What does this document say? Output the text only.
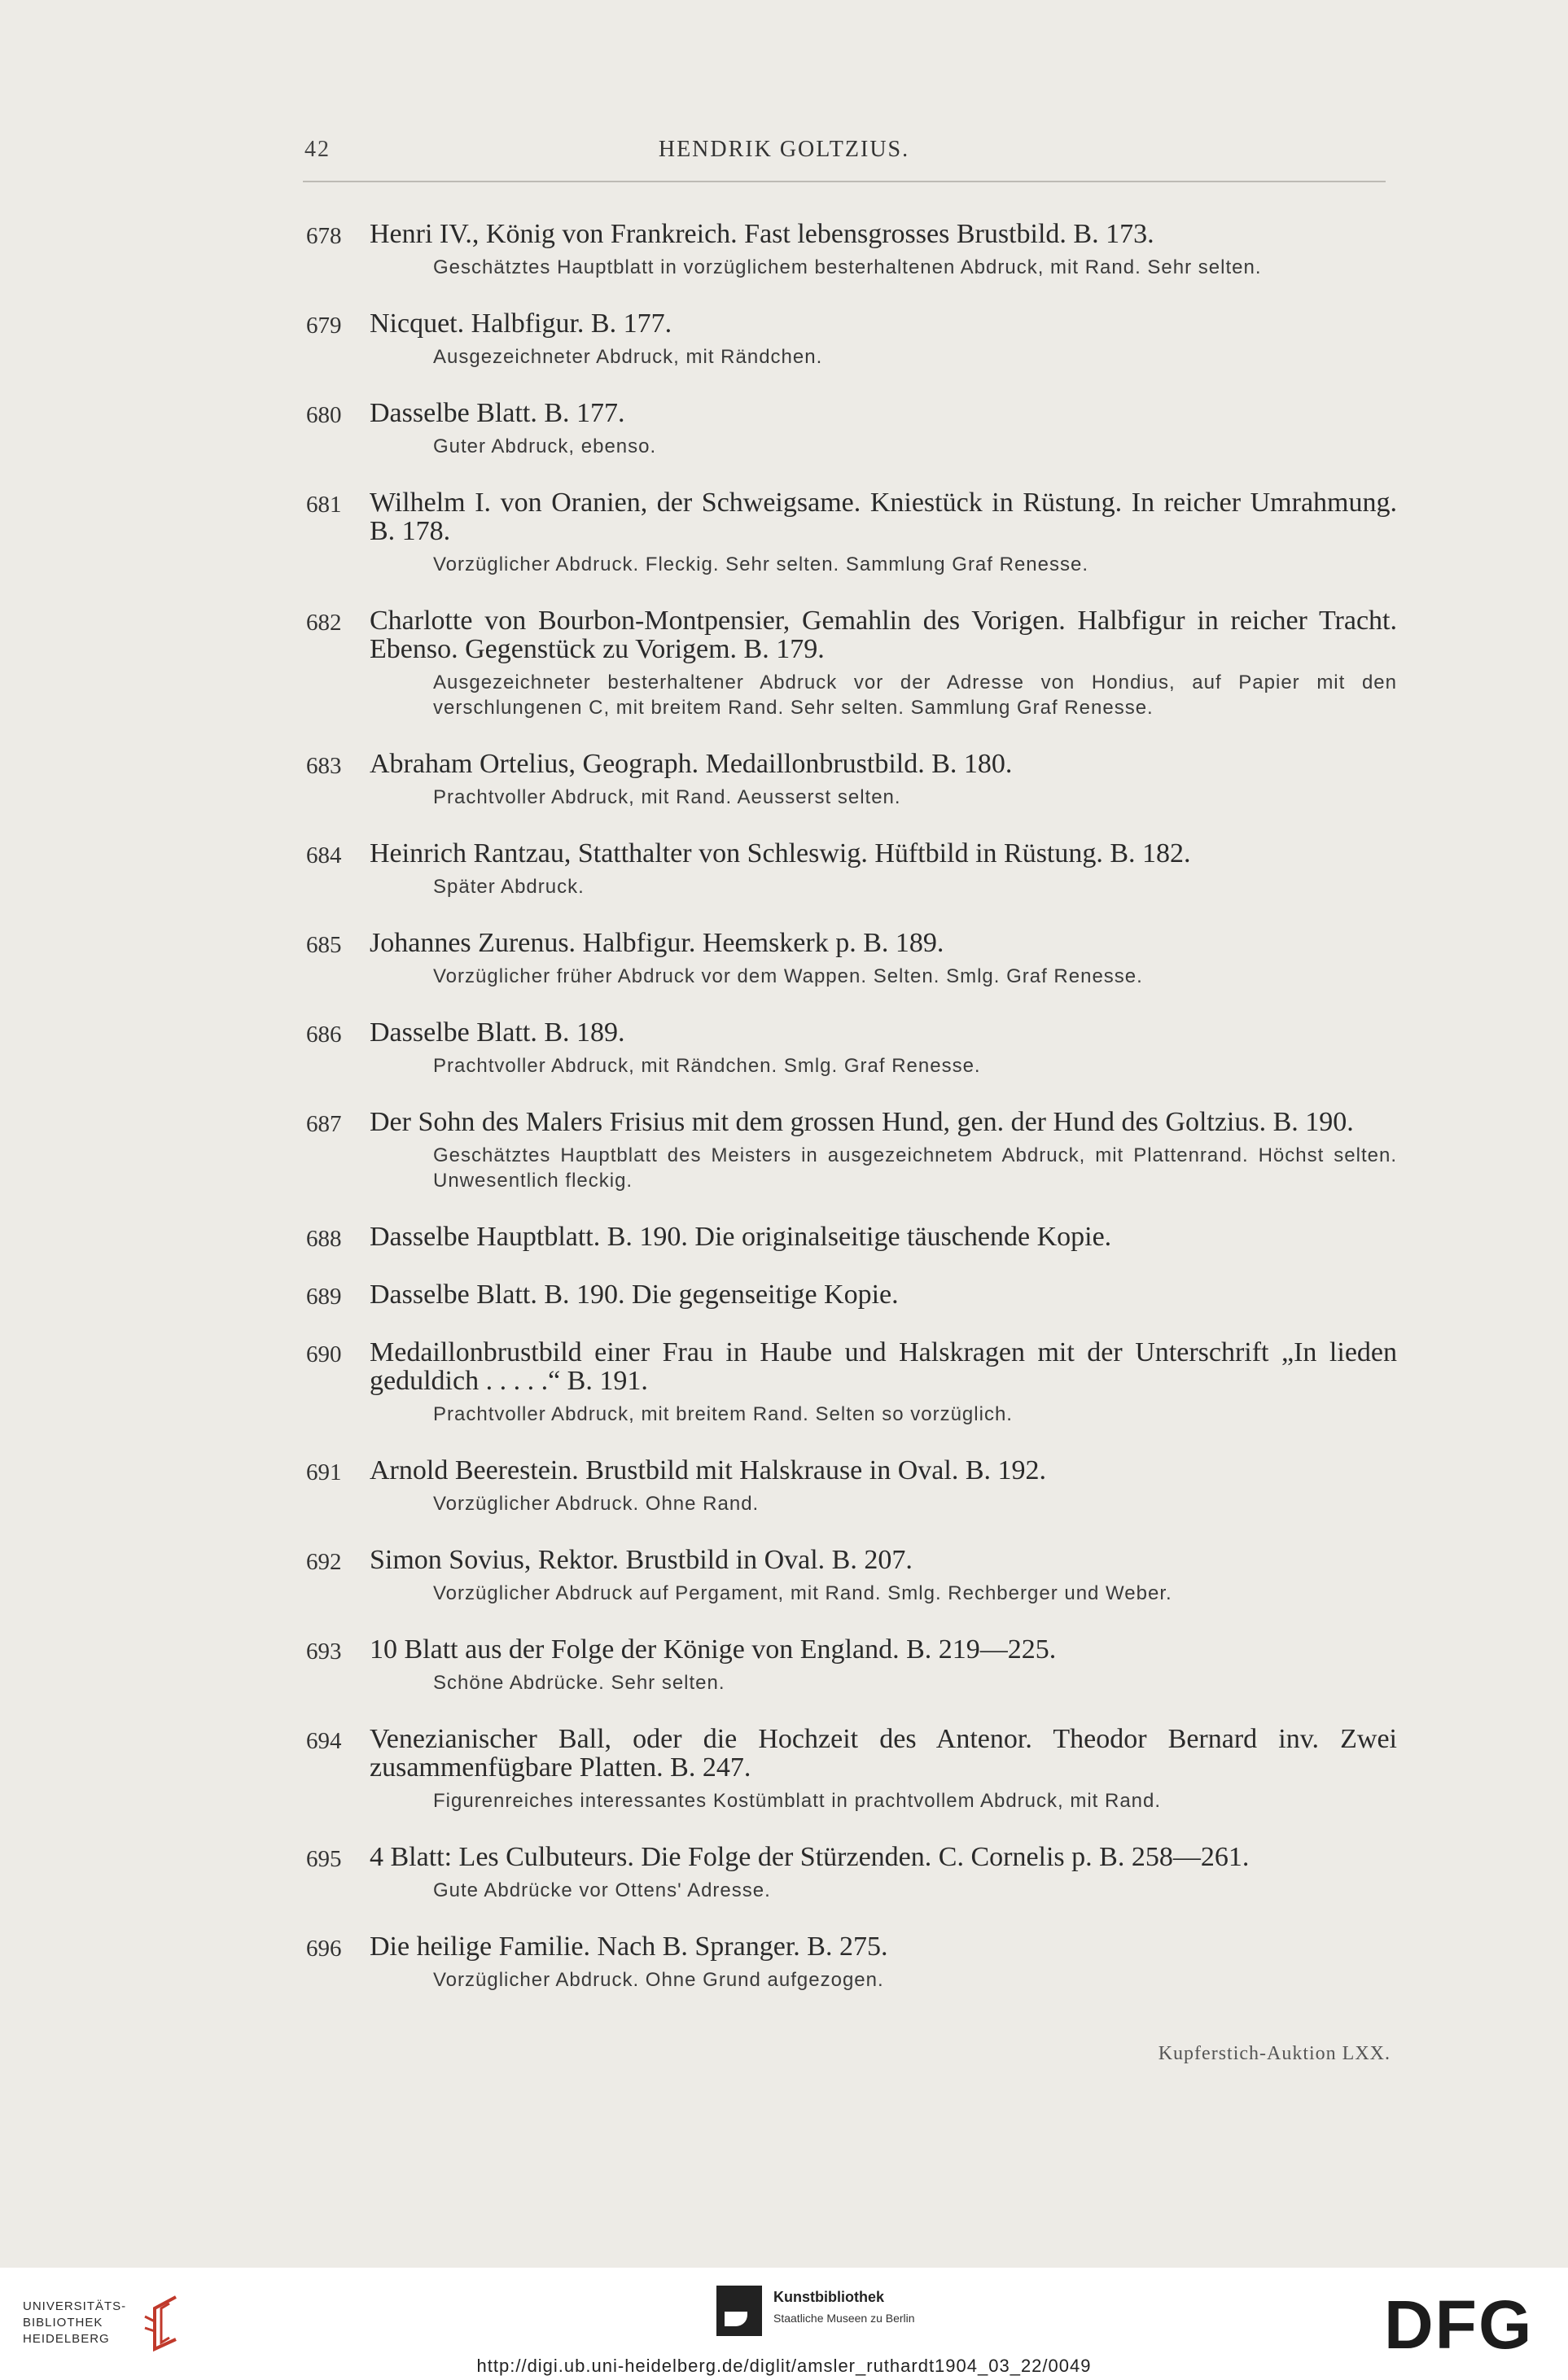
42	HENDRIK GOLTZIUS.
678	Henri IV., König von Frankreich. Fast lebensgrosses Brustbild. B. 173.
Geschätztes Hauptblatt in vorzüglichem besterhaltenen Abdruck, mit Rand. Sehr selten.
679	Nicquet. Halbfigur. B. 177.
Ausgezeichneter Abdruck, mit Rändchen.
680	Dasselbe Blatt. B. 177.
Guter Abdruck, ebenso.
681	Wilhelm I. von Oranien, der Schweigsame. Kniestück in Rüstung. In reicher Umrahmung. B. 178.
Vorzüglicher Abdruck. Fleckig. Sehr selten. Sammlung Graf Renesse.
682	Charlotte von Bourbon-Montpensier, Gemahlin des Vorigen. Halbfigur in reicher Tracht. Ebenso. Gegenstück zu Vorigem. B. 179.
Ausgezeichneter besterhaltener Abdruck vor der Adresse von Hondius, auf Papier mit den verschlungenen C, mit breitem Rand. Sehr selten. Sammlung Graf Renesse.
683	Abraham Ortelius, Geograph. Medaillonbrustbild. B. 180.
Prachtvoller Abdruck, mit Rand. Aeusserst selten.
684	Heinrich Rantzau, Statthalter von Schleswig. Hüftbild in Rüstung. B. 182.
Später Abdruck.
685	Johannes Zurenus. Halbfigur. Heemskerk p. B. 189.
Vorzüglicher früher Abdruck vor dem Wappen. Selten. Smlg. Graf Renesse.
686	Dasselbe Blatt. B. 189.
Prachtvoller Abdruck, mit Rändchen. Smlg. Graf Renesse.
687	Der Sohn des Malers Frisius mit dem grossen Hund, gen. der Hund des Goltzius. B. 190.
Geschätztes Hauptblatt des Meisters in ausgezeichnetem Abdruck, mit Plattenrand. Höchst selten. Unwesentlich fleckig.
688	Dasselbe Hauptblatt. B. 190. Die originalseitige täuschende Kopie.
689	Dasselbe Blatt. B. 190. Die gegenseitige Kopie.
690	Medaillonbrustbild einer Frau in Haube und Halskragen mit der Unterschrift „In lieden geduldich . . . . .“ B. 191.
Prachtvoller Abdruck, mit breitem Rand. Selten so vorzüglich.
691	Arnold Beerestein. Brustbild mit Halskrause in Oval. B. 192.
Vorzüglicher Abdruck. Ohne Rand.
692	Simon Sovius, Rektor. Brustbild in Oval. B. 207.
Vorzüglicher Abdruck auf Pergament, mit Rand. Smlg. Rechberger und Weber.
693	10 Blatt aus der Folge der Könige von England. B. 219—225.
Schöne Abdrücke. Sehr selten.
694	Venezianischer Ball, oder die Hochzeit des Antenor. Theodor Bernard inv. Zwei zusammenfügbare Platten. B. 247.
Figurenreiches interessantes Kostümblatt in prachtvollem Abdruck, mit Rand.
695	4 Blatt: Les Culbuteurs. Die Folge der Stürzenden. C. Cornelis p. B. 258—261.
Gute Abdrücke vor Ottens' Adresse.
696	Die heilige Familie. Nach B. Spranger. B. 275.
Vorzüglicher Abdruck. Ohne Grund aufgezogen.
Kupferstich-Auktion LXX.
UNIVERSITÄTS-
BIBLIOTHEK
HEIDELBERG
Kunstbibliothek
Staatliche Museen zu Berlin	DFG
http://digi.ub.uni-heidelberg.de/diglit/amsler_ruthardt1904_03_22/0049
